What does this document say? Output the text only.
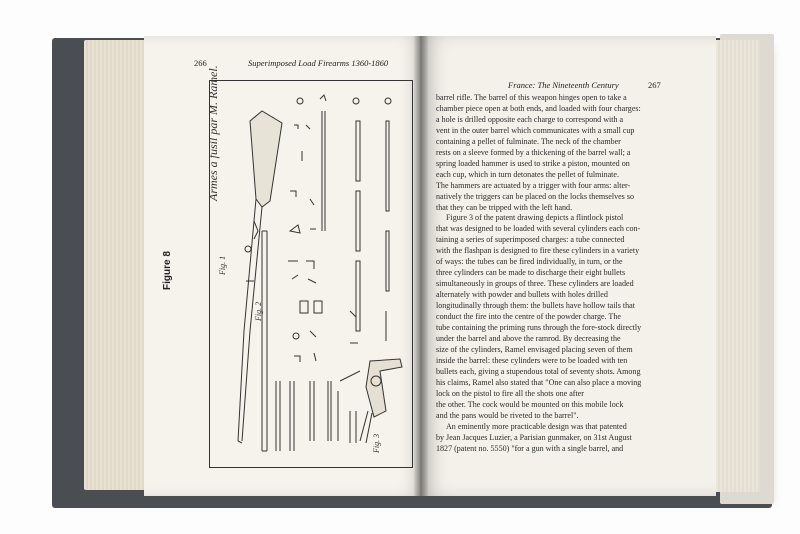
266	Superimposed Load Firearms 1360-1860
Figure 8
Armes a fusil par M. Ramel.
Fig. 1
Fig. 2
Fig. 3
France: The Nineteenth Century	267
barrel rifle. The barrel of this weapon hinges open to take a
chamber piece open at both ends, and loaded with four charges:
a hole is drilled opposite each charge to correspond with a
vent in the outer barrel which communicates with a small cup
containing a pellet of fulminate. The neck of the chamber
rests on a sleeve formed by a thickening of the barrel wall; a
spring loaded hammer is used to strike a piston, mounted on
each cup, which in turn detonates the pellet of fulminate.
The hammers are actuated by a trigger with four arms: alter-
natively the triggers can be placed on the locks themselves so
that they can be tripped with the left hand.
Figure 3 of the patent drawing depicts a flintlock pistol
that was designed to be loaded with several cylinders each con-
taining a series of superimposed charges: a tube connected
with the flashpan is designed to fire these cylinders in a variety
of ways: the tubes can be fired individually, in turn, or the
three cylinders can be made to discharge their eight bullets
simultaneously in groups of three. These cylinders are loaded
alternately with powder and bullets with holes drilled
longitudinally through them: the bullets have hollow tails that
conduct the fire into the centre of the powder charge. The
tube containing the priming runs through the fore-stock directly
under the barrel and above the ramrod. By decreasing the
size of the cylinders, Ramel envisaged placing seven of them
inside the barrel: these cylinders were to be loaded with ten
bullets each, giving a stupendous total of seventy shots. Among
his claims, Ramel also stated that "One can also place a moving
lock on the pistol to fire all the shots one after
the other. The cock would be mounted on this mobile lock
and the pans would be riveted to the barrel".
An eminently more practicable design was that patented
by Jean Jacques Luzier, a Parisian gunmaker, on 31st August
1827 (patent no. 5550) "for a gun with a single barrel, and
